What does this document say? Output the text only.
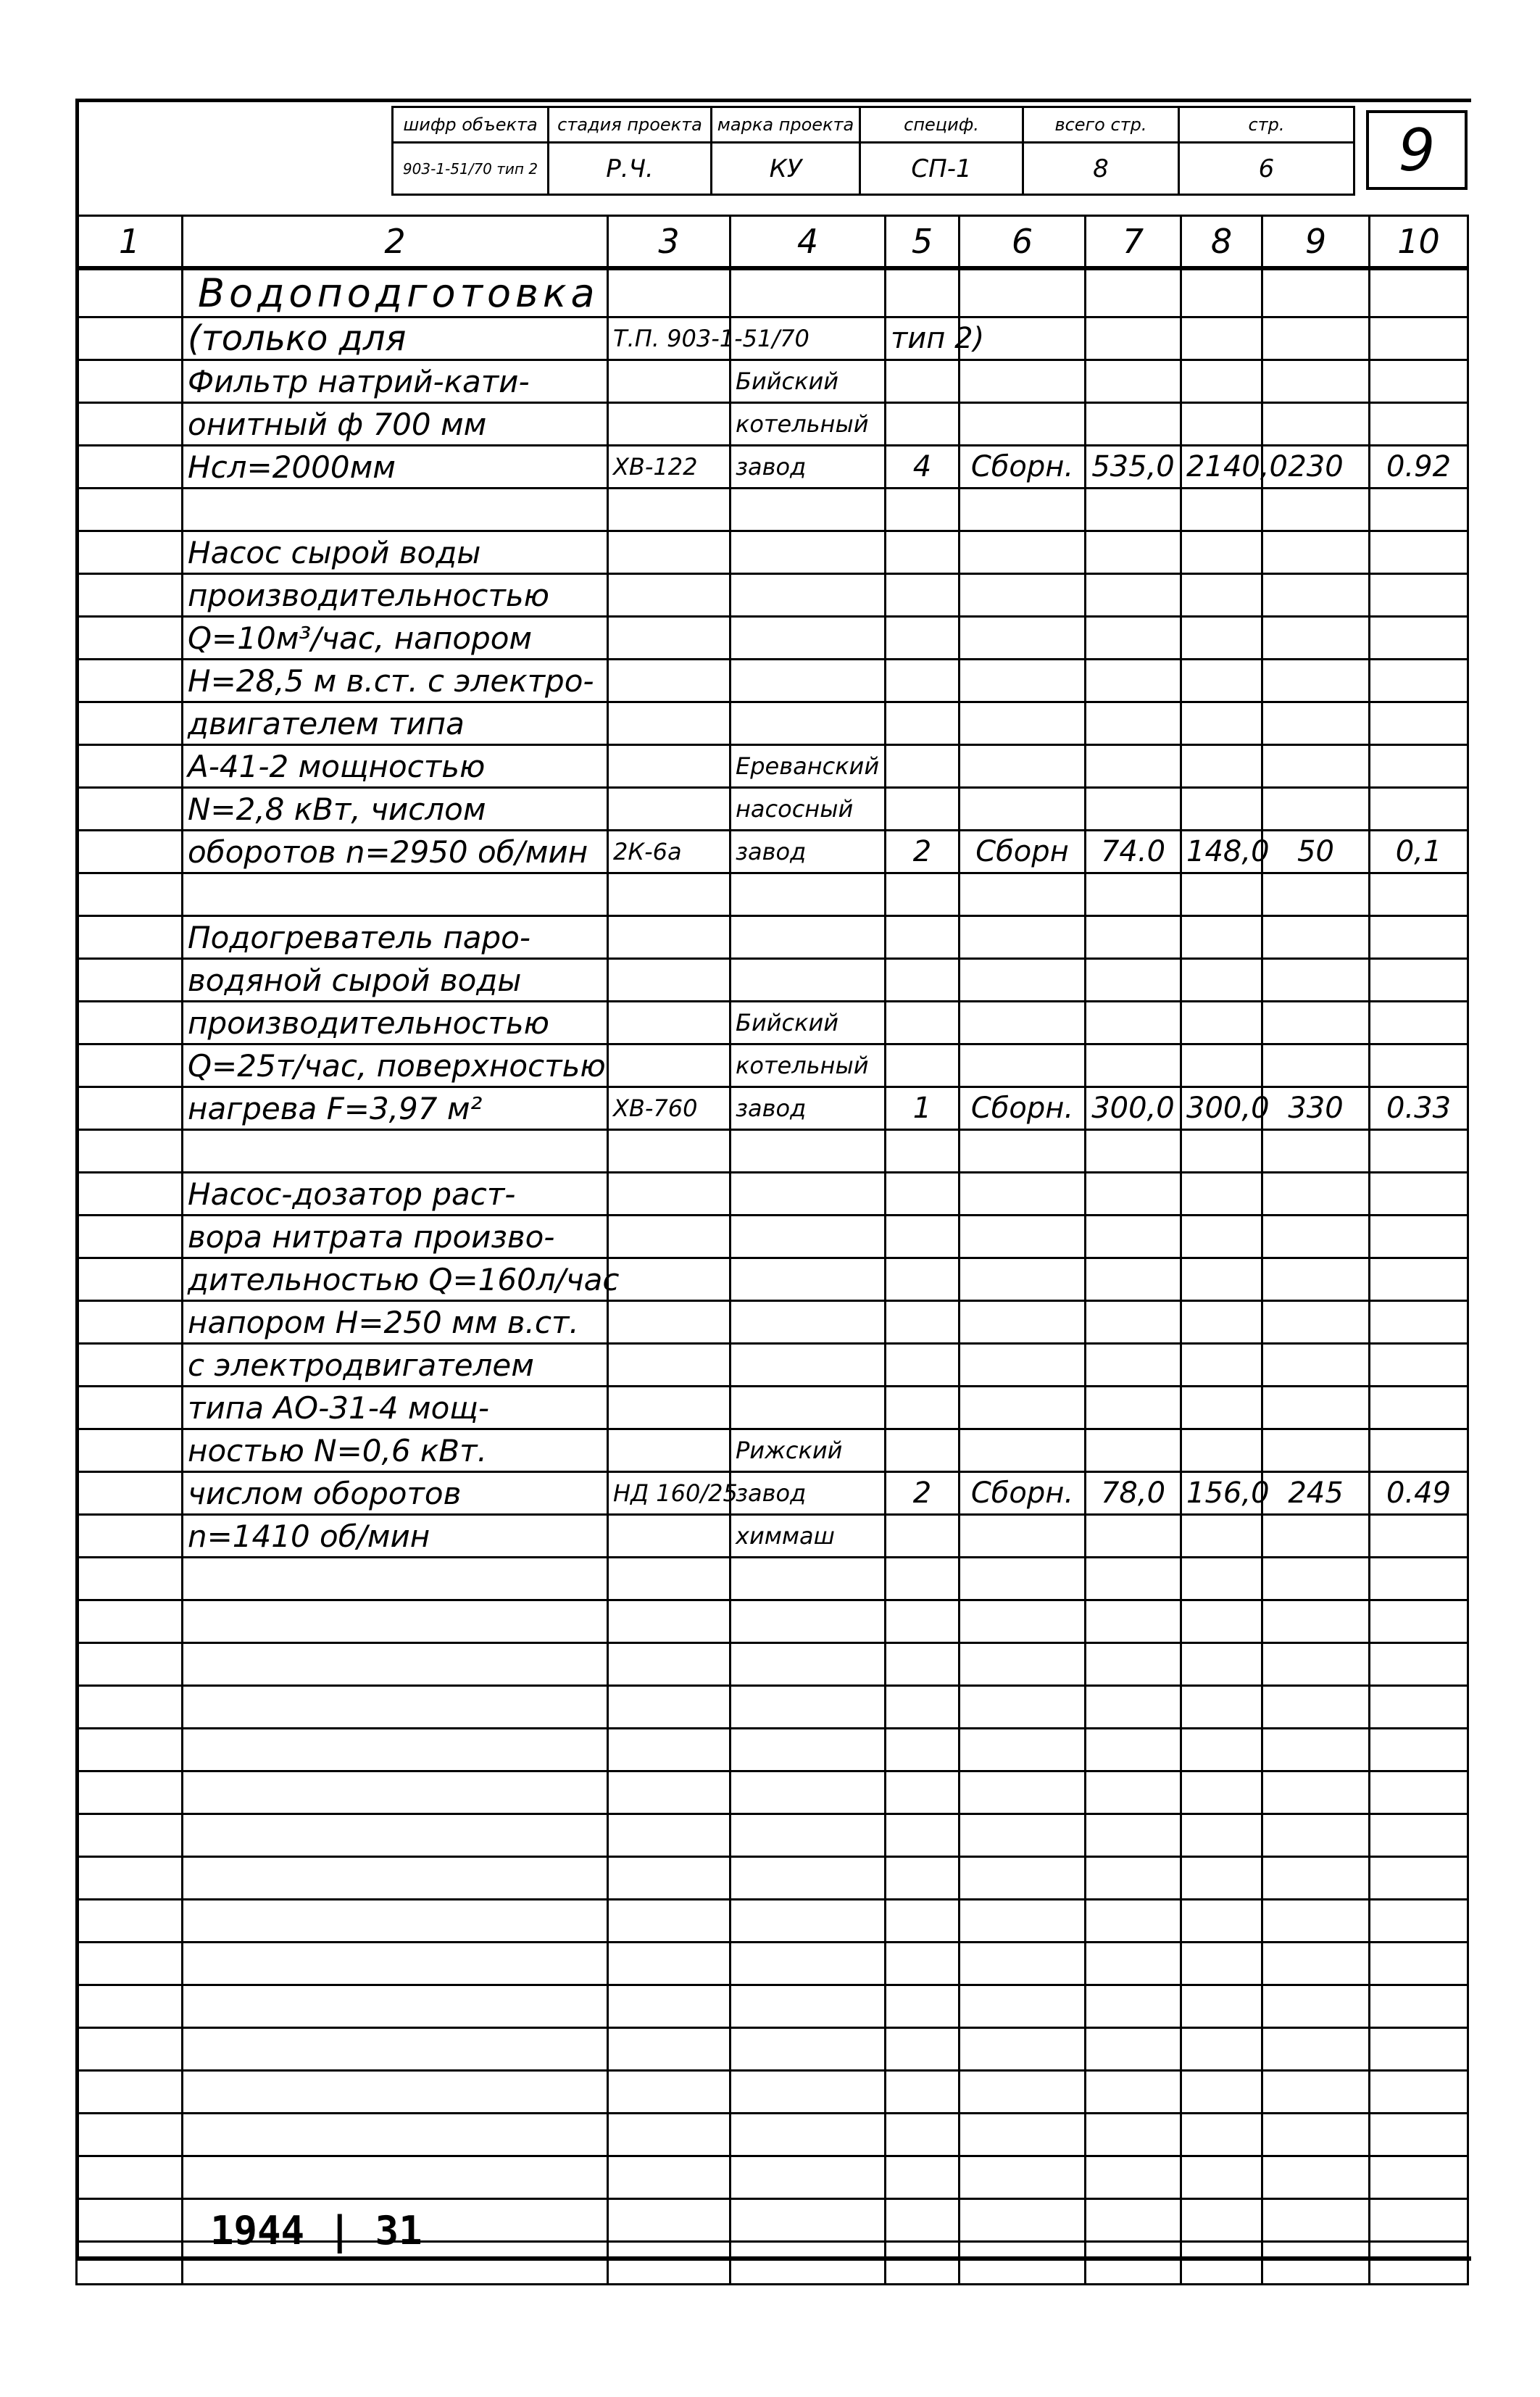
шифр объекта	стадия проекта	марка проекта	специф.	всего стр.	стр.
903-1-51/70 тип 2	Р.Ч.	КУ	СП-1	8	6	9
1	2	3	4	5	6	7	8	9	10
	Водоподготовка								
	(только для	Т.П. 903-1-51/70		тип 2)					
	Фильтр натрий-кати-		Бийский						
	онитный ф 700 мм		котельный						
	Нсл=2000мм	ХВ-122	завод	4	Сборн.	535,0	2140,0	230	0.92

	Насос сырой воды								
	производительностью								
	Q=10м³/час, напором								
	Н=28,5 м в.ст. с электро-								
	двигателем типа								
	А-41-2 мощностью		Ереванский						
	N=2,8 кВт, числом		насосный						
	оборотов n=2950 об/мин	2К-6а	завод	2	Сборн	74.0	148,0	50	0,1

	Подогреватель паро-								
	водяной сырой воды								
	производительностью		Бийский						
	Q=25т/час, поверхностью		котельный						
	нагрева F=3,97 м²	ХВ-760	завод	1	Сборн.	300,0	300,0	330	0.33

	Насос-дозатор раст-								
	вора нитрата произво-								
	дительностью Q=160л/час								
	напором Н=250 мм в.ст.								
	с электродвигателем								
	типа АО-31-4 мощ-								
	ностью N=0,6 кВт.		Рижский						
	числом оборотов	НД 160/25	завод	2	Сборн.	78,0	156,0	245	0.49
	n=1410 об/мин		химмаш						

1944 | 31
